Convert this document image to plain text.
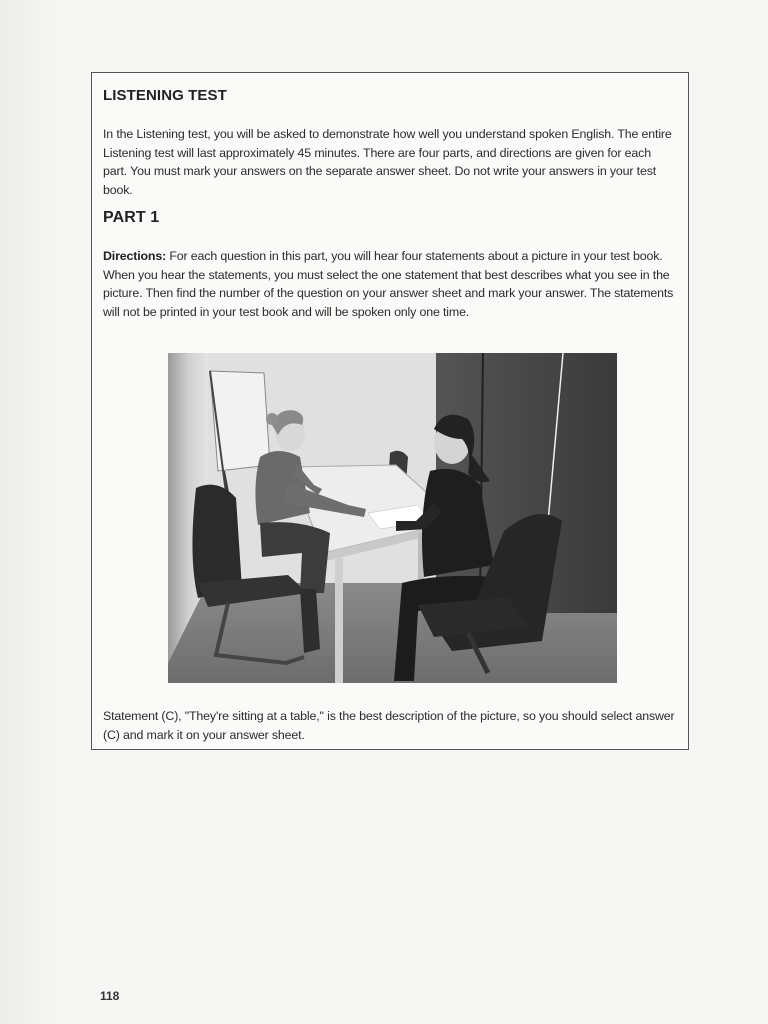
LISTENING TEST
In the Listening test, you will be asked to demonstrate how well you understand spoken English. The entire Listening test will last approximately 45 minutes. There are four parts, and directions are given for each part. You must mark your answers on the separate answer sheet. Do not write your answers in your test book.
PART 1
Directions: For each question in this part, you will hear four statements about a picture in your test book. When you hear the statements, you must select the one statement that best describes what you see in the picture. Then find the number of the question on your answer sheet and mark your answer. The statements will not be printed in your test book and will be spoken only one time.
Statement (C), "They're sitting at a table," is the best description of the picture, so you should select answer (C) and mark it on your answer sheet.
118
